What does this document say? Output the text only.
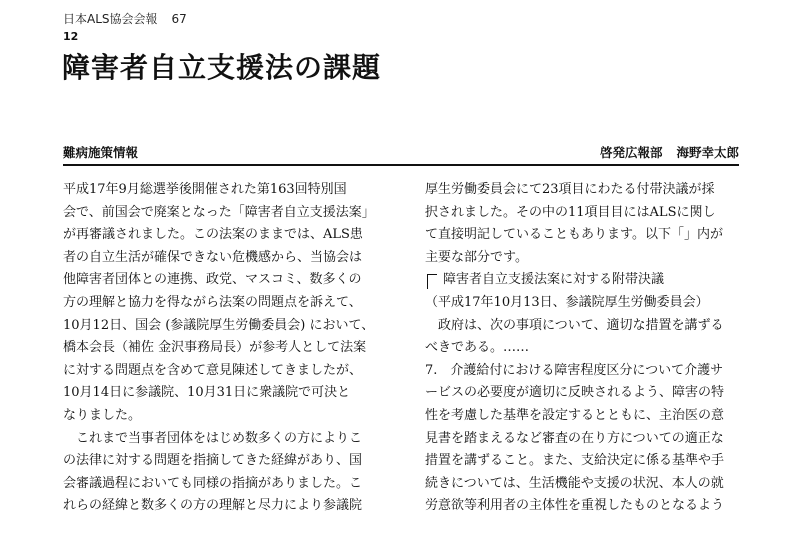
日本ALS協会会報 67
12
障害者自立支援法の課題
難病施策情報	啓発広報部 海野幸太郎

平成17年9月総選挙後開催された第163回特別国

会で、前国会で廃案となった「障害者自立支援法案」

が再審議されました。この法案のままでは、ALS患

者の自立生活が確保できない危機感から、当協会は

他障害者団体との連携、政党、マスコミ、数多くの

方の理解と協力を得ながら法案の問題点を訴えて、

10月12日、国会 (参議院厚生労働委員会) において、

橋本会長（補佐 金沢事務局長）が参考人として法案

に対する問題点を含めて意見陳述してきましたが、

10月14日に参議院、10月31日に衆議院で可決と

なりました。

　これまで当事者団体をはじめ数多くの方によりこ

の法律に対する問題を指摘してきた経緯があり、国

会審議過程においても同様の指摘がありました。こ

れらの経緯と数多くの方の理解と尽力により参議院

厚生労働委員会にて23項目にわたる付帯決議が採

択されました。その中の11項目目にはALSに関し

て直接明記していることもあります。以下「」内が

主要な部分です。

障害者自立支援法案に対する附帯決議

（平成17年10月13日、参議院厚生労働委員会）

　政府は、次の事項について、適切な措置を講ずる

べきである。……

7.　介護給付における障害程度区分について介護サ

ービスの必要度が適切に反映されるよう、障害の特

性を考慮した基準を設定するとともに、主治医の意

見書を踏まえるなど審査の在り方についての適正な

措置を講ずること。また、支給決定に係る基準や手

続きについては、生活機能や支援の状況、本人の就

労意欲等利用者の主体性を重視したものとなるよう
